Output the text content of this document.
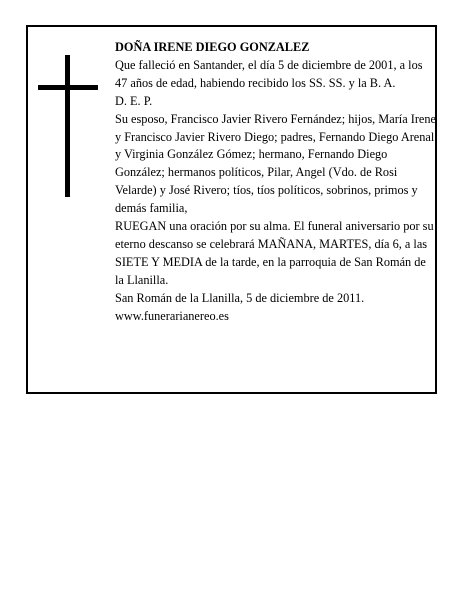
DOÑA IRENE DIEGO GONZALEZ

Que falleció en Santander, el día 5 de diciembre de 2001, a los 47 años de edad, habiendo recibido los SS. SS. y la B. A.

D. E. P.

Su esposo, Francisco Javier Rivero Fernández; hijos, María Irene y Francisco Javier Rivero Diego; padres, Fernando Diego Arenal y Virginia González Gómez; hermano, Fernando Diego González; hermanos políticos, Pilar, Angel (Vdo. de Rosi Velarde) y José Rivero; tíos, tíos políticos, sobrinos, primos y demás familia,

RUEGAN una oración por su alma. El funeral aniversario por su eterno descanso se celebrará MAÑANA, MARTES, día 6, a las SIETE Y MEDIA de la tarde, en la parroquia de San Román de la Llanilla.

San Román de la Llanilla, 5 de diciembre de 2011.

www.funerarianereo.es
